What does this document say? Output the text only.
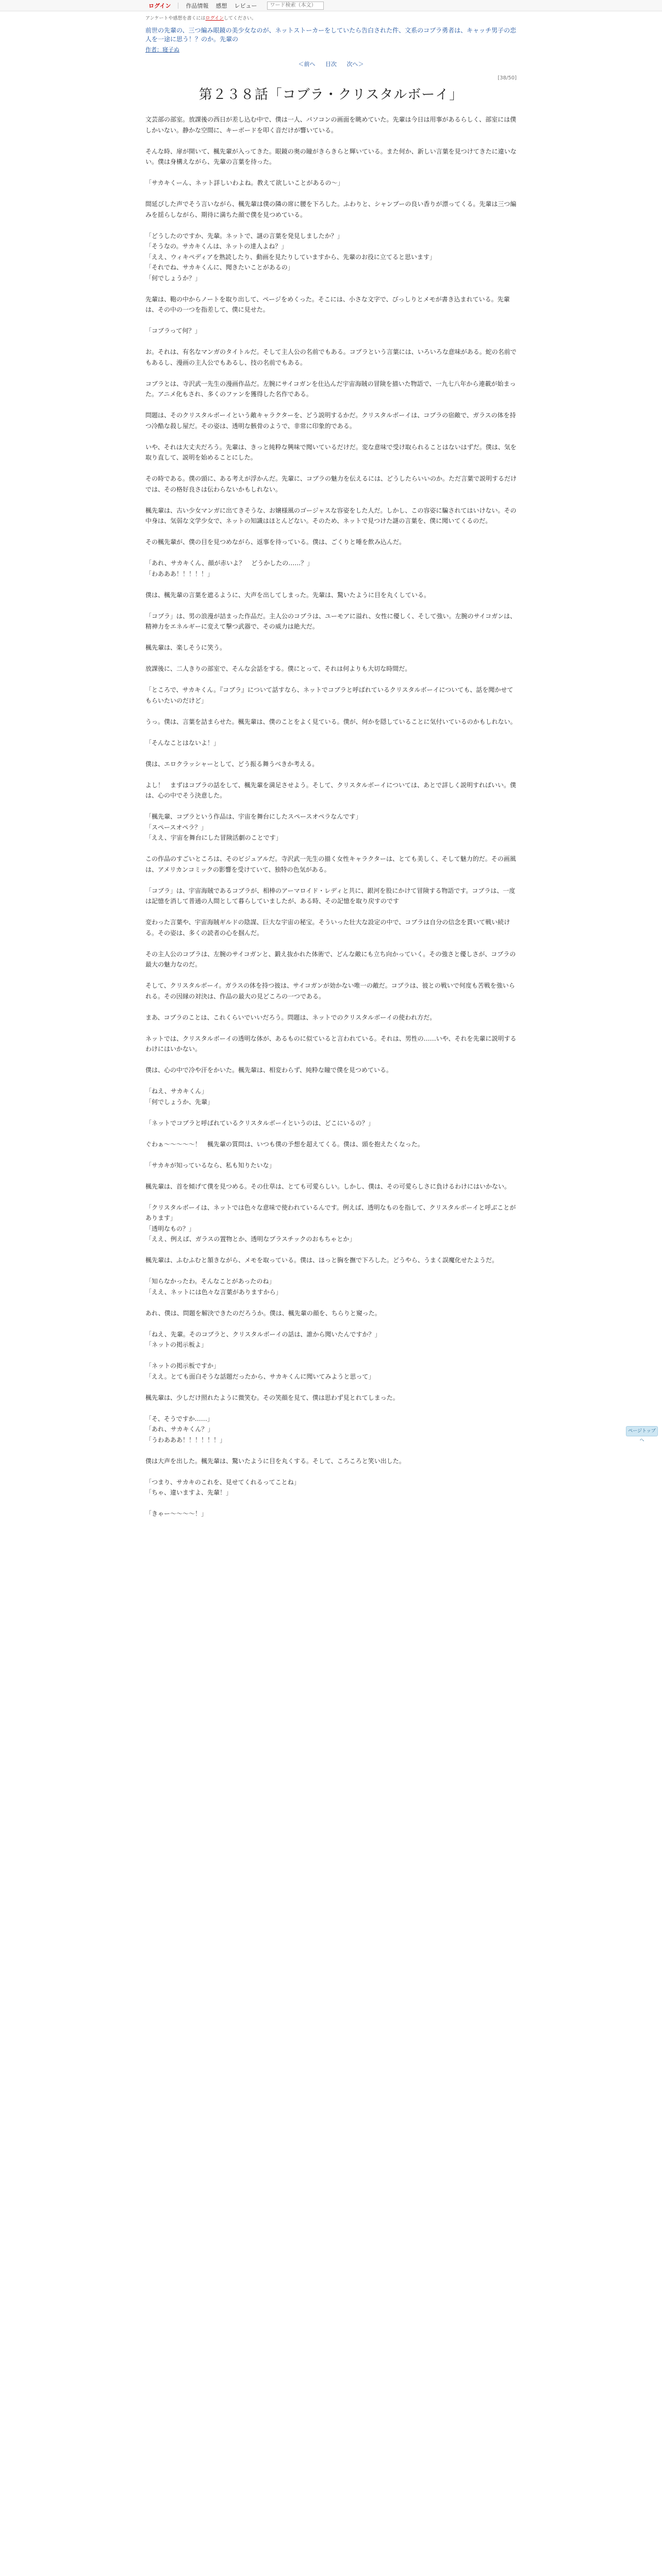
ログイン	作品情報 感想 レビュー
ワード検索（本文）
アンケートや感想を書くにはログインしてください。
前世の先輩の、三つ編み眼鏡の美少女なのが、ネットストーカーをしていたら告白された件、文系のコブラ勇者は、キャッチ男子の恋人を一途に思う！？のか。先輩の
作者：寝子ぬ
＜前へ 目次 次へ＞
[38/50]
第２３８話「コブラ・クリスタルボーイ」

文芸部の部室。放課後の西日が差し込む中で、僕は一人、パソコンの画面を眺めていた。先輩は今日は用事があるらしく、部室には僕しかいない。静かな空間に、キーボードを叩く音だけが響いている。

そんな時、扉が開いて、楓先輩が入ってきた。眼鏡の奥の瞳がきらきらと輝いている。また何か、新しい言葉を見つけてきたに違いない。僕は身構えながら、先輩の言葉を待った。

「サカキくーん、ネット詳しいわよね。教えて欲しいことがあるの～」

間延びした声でそう言いながら、楓先輩は僕の隣の席に腰を下ろした。ふわりと、シャンプーの良い香りが漂ってくる。先輩は三つ編みを揺らしながら、期待に満ちた顔で僕を見つめている。

「どうしたのですか、先輩。ネットで、謎の言葉を発見しましたか？」
「そうなの。サカキくんは、ネットの達人よね？」
「ええ、ウィキペディアを熟読したり、動画を見たりしていますから、先輩のお役に立てると思います」
「それでね、サカキくんに、聞きたいことがあるの」
「何でしょうか？」

先輩は、鞄の中からノートを取り出して、ページをめくった。そこには、小さな文字で、びっしりとメモが書き込まれている。先輩は、その中の一つを指差して、僕に見せた。

「コブラって何？」

お。それは、有名なマンガのタイトルだ。そして主人公の名前でもある。コブラという言葉には、いろいろな意味がある。蛇の名前でもあるし、漫画の主人公でもあるし、技の名前でもある。

コブラとは、寺沢武一先生の漫画作品だ。左腕にサイコガンを仕込んだ宇宙海賊の冒険を描いた物語で、一九七八年から連載が始まった。アニメ化もされ、多くのファンを獲得した名作である。

問題は、そのクリスタルボーイという敵キャラクターを、どう説明するかだ。クリスタルボーイは、コブラの宿敵で、ガラスの体を持つ冷酷な殺し屋だ。その姿は、透明な骸骨のようで、非常に印象的である。

いや、それは大丈夫だろう。先輩は、きっと純粋な興味で聞いているだけだ。変な意味で受け取られることはないはずだ。僕は、気を取り直して、説明を始めることにした。

その時である。僕の頭に、ある考えが浮かんだ。先輩に、コブラの魅力を伝えるには、どうしたらいいのか。ただ言葉で説明するだけでは、その格好良さは伝わらないかもしれない。

楓先輩は、古い少女マンガに出てきそうな、お嬢様風のゴージャスな容姿をした人だ。しかし、この容姿に騙されてはいけない。その中身は、気弱な文学少女で、ネットの知識はほとんどない。そのため、ネットで見つけた謎の言葉を、僕に聞いてくるのだ。

その楓先輩が、僕の目を見つめながら、返事を待っている。僕は、ごくりと唾を飲み込んだ。

「あれ、サカキくん、顔が赤いよ？　どうかしたの……？」
「わあああ！！！！！」

僕は、楓先輩の言葉を遮るように、大声を出してしまった。先輩は、驚いたように目を丸くしている。

「コブラ」は、男の浪漫が詰まった作品だ。主人公のコブラは、ユーモアに溢れ、女性に優しく、そして強い。左腕のサイコガンは、精神力をエネルギーに変えて撃つ武器で、その威力は絶大だ。

楓先輩は、楽しそうに笑う。

放課後に、二人きりの部室で、そんな会話をする。僕にとって、それは何よりも大切な時間だ。

「ところで、サカキくん。『コブラ』について話すなら、ネットでコブラと呼ばれているクリスタルボーイについても、話を聞かせてもらいたいのだけど」

うっ。僕は、言葉を詰まらせた。楓先輩は、僕のことをよく見ている。僕が、何かを隠していることに気付いているのかもしれない。

「そんなことはないよ！」

僕は、エロクラッシャーとして、どう振る舞うべきか考える。

よし！　まずはコブラの話をして、楓先輩を満足させよう。そして、クリスタルボーイについては、あとで詳しく説明すればいい。僕は、心の中でそう決意した。

「楓先輩、コブラという作品は、宇宙を舞台にしたスペースオペラなんです」
「スペースオペラ？」
「ええ、宇宙を舞台にした冒険活劇のことです」

この作品のすごいところは、そのビジュアルだ。寺沢武一先生の描く女性キャラクターは、とても美しく、そして魅力的だ。その画風は、アメリカンコミックの影響を受けていて、独特の色気がある。

「コブラ」は、宇宙海賊であるコブラが、相棒のアーマロイド・レディと共に、銀河を股にかけて冒険する物語です。コブラは、一度は記憶を消して普通の人間として暮らしていましたが、ある時、その記憶を取り戻すのです

変わった言葉や、宇宙海賊ギルドの陰謀、巨大な宇宙の秘宝。そういった壮大な設定の中で、コブラは自分の信念を貫いて戦い続ける。その姿は、多くの読者の心を掴んだ。

その主人公のコブラは、左腕のサイコガンと、鍛え抜かれた体術で、どんな敵にも立ち向かっていく。その強さと優しさが、コブラの最大の魅力なのだ。

そして、クリスタルボーイ。ガラスの体を持つ彼は、サイコガンが効かない唯一の敵だ。コブラは、彼との戦いで何度も苦戦を強いられる。その因縁の対決は、作品の最大の見どころの一つである。

まあ、コブラのことは、これくらいでいいだろう。問題は、ネットでのクリスタルボーイの使われ方だ。

ネットでは、クリスタルボーイの透明な体が、あるものに似ていると言われている。それは、男性の……いや、それを先輩に説明するわけにはいかない。

僕は、心の中で冷や汗をかいた。楓先輩は、相変わらず、純粋な瞳で僕を見つめている。

「ねえ、サカキくん」
「何でしょうか、先輩」

「ネットでコブラと呼ばれているクリスタルボーイというのは、どこにいるの？」

ぐわぁ～～～～～！　楓先輩の質問は、いつも僕の予想を超えてくる。僕は、頭を抱えたくなった。

「サカキが知っているなら、私も知りたいな」

楓先輩は、首を傾げて僕を見つめる。その仕草は、とても可愛らしい。しかし、僕は、その可愛らしさに負けるわけにはいかない。

「クリスタルボーイは、ネットでは色々な意味で使われているんです。例えば、透明なものを指して、クリスタルボーイと呼ぶことがあります」
「透明なもの？」
「ええ、例えば、ガラスの置物とか、透明なプラスチックのおもちゃとか」

楓先輩は、ふむふむと頷きながら、メモを取っている。僕は、ほっと胸を撫で下ろした。どうやら、うまく誤魔化せたようだ。

「知らなかったわ。そんなことがあったのね」
「ええ、ネットには色々な言葉がありますから」

あれ、僕は、問題を解決できたのだろうか。僕は、楓先輩の顔を、ちらりと窺った。

「ねえ、先輩。そのコブラと、クリスタルボーイの話は、誰から聞いたんですか？」
「ネットの掲示板よ」

「ネットの掲示板ですか」
「ええ。とても面白そうな話題だったから、サカキくんに聞いてみようと思って」

楓先輩は、少しだけ照れたように微笑む。その笑顔を見て、僕は思わず見とれてしまった。

「そ、そうですか……」
「あれ、サカキくん？」
「うわあああ！！！！！！」

僕は大声を出した。楓先輩は、驚いたように目を丸くする。そして、ころころと笑い出した。

「つまり、サカキのこれを、見せてくれるってことね」
「ちゃ、違いますよ、先輩！」

「きゃー～～～～！」

ページトップへ
